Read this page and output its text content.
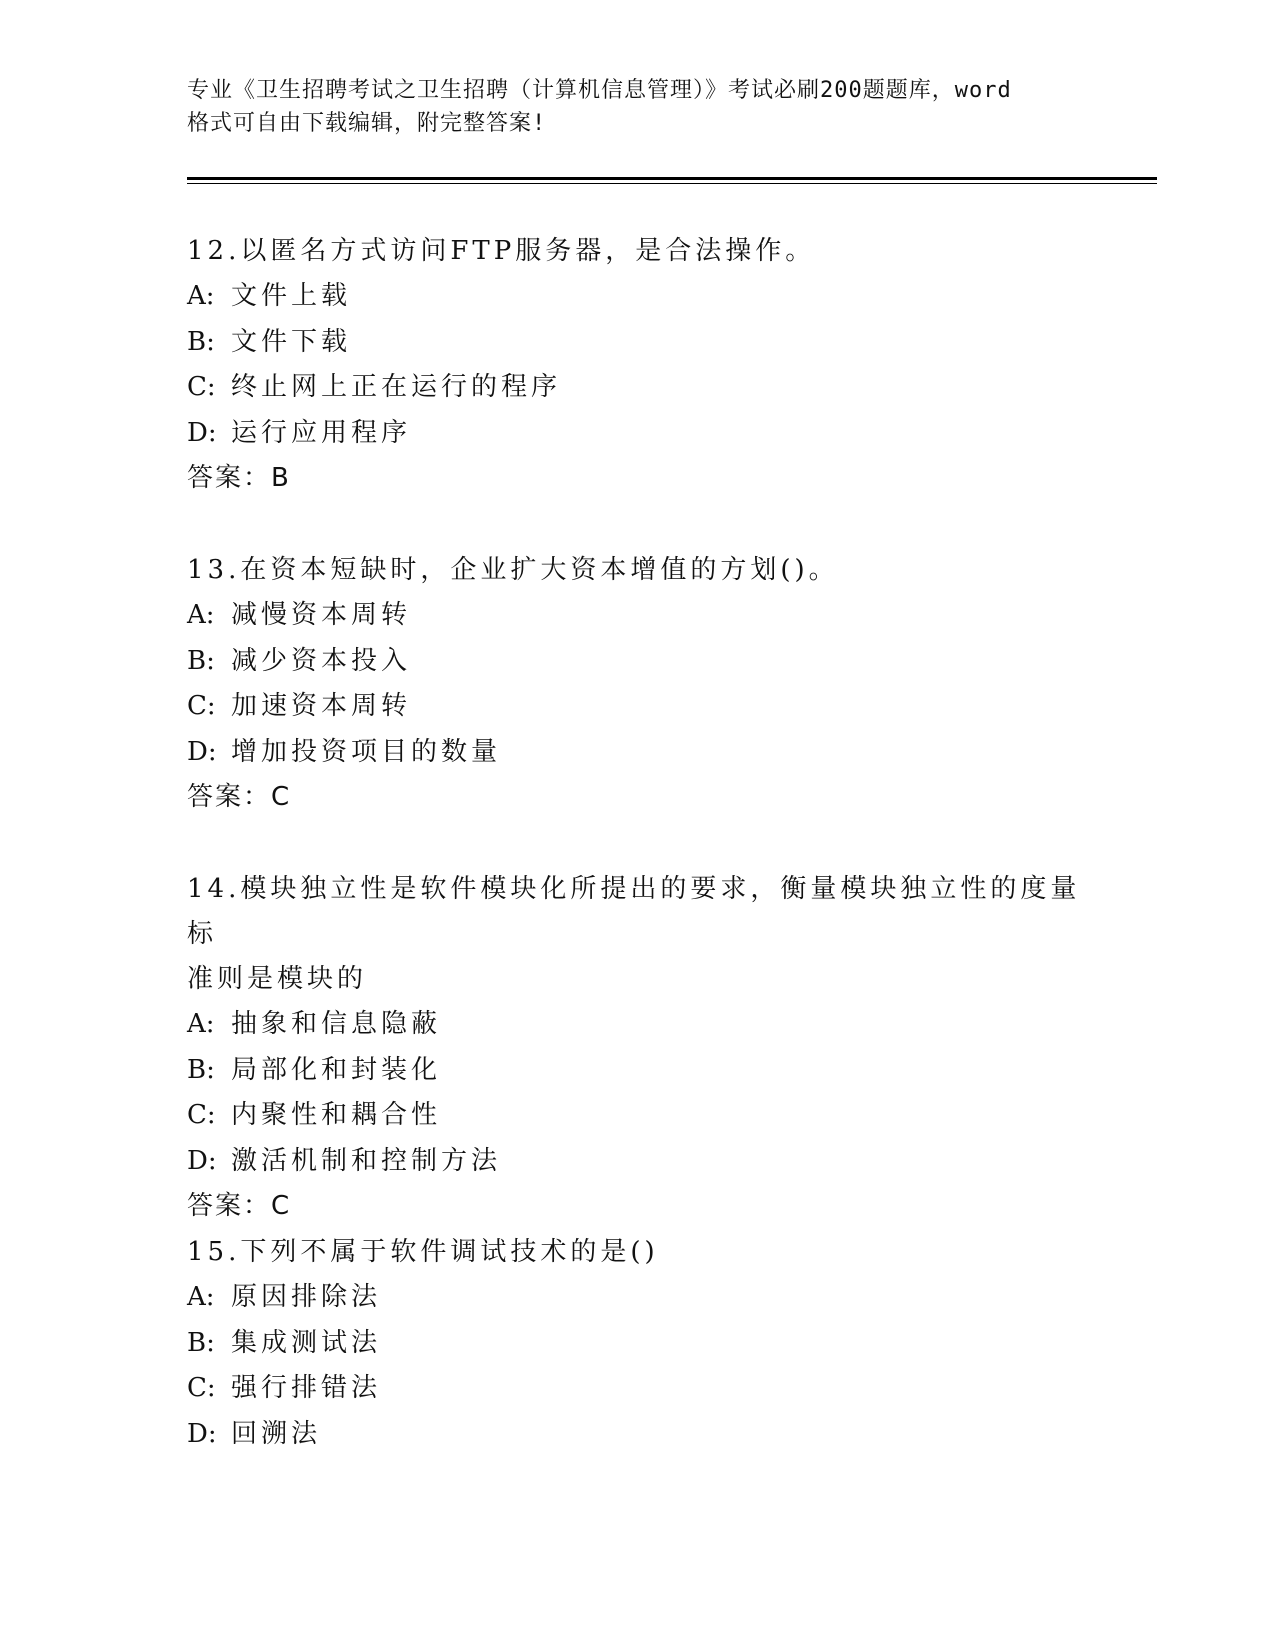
专业《卫生招聘考试之卫生招聘（计算机信息管理）》考试必刷200题题库，word
格式可自由下载编辑，附完整答案!

12.以匿名方式访问FTP服务器，是合法操作。

A: 文件上载

B: 文件下载

C: 终止网上正在运行的程序

D: 运行应用程序

答案：B

13.在资本短缺时，企业扩大资本增值的方划()。

A: 减慢资本周转

B: 减少资本投入

C: 加速资本周转

D: 增加投资项目的数量

答案：C

14.模块独立性是软件模块化所提出的要求，衡量模块独立性的度量标

准则是模块的

A: 抽象和信息隐蔽

B: 局部化和封装化

C: 内聚性和耦合性

D: 激活机制和控制方法

答案：C

15.下列不属于软件调试技术的是()

A: 原因排除法

B: 集成测试法

C: 强行排错法

D: 回溯法
